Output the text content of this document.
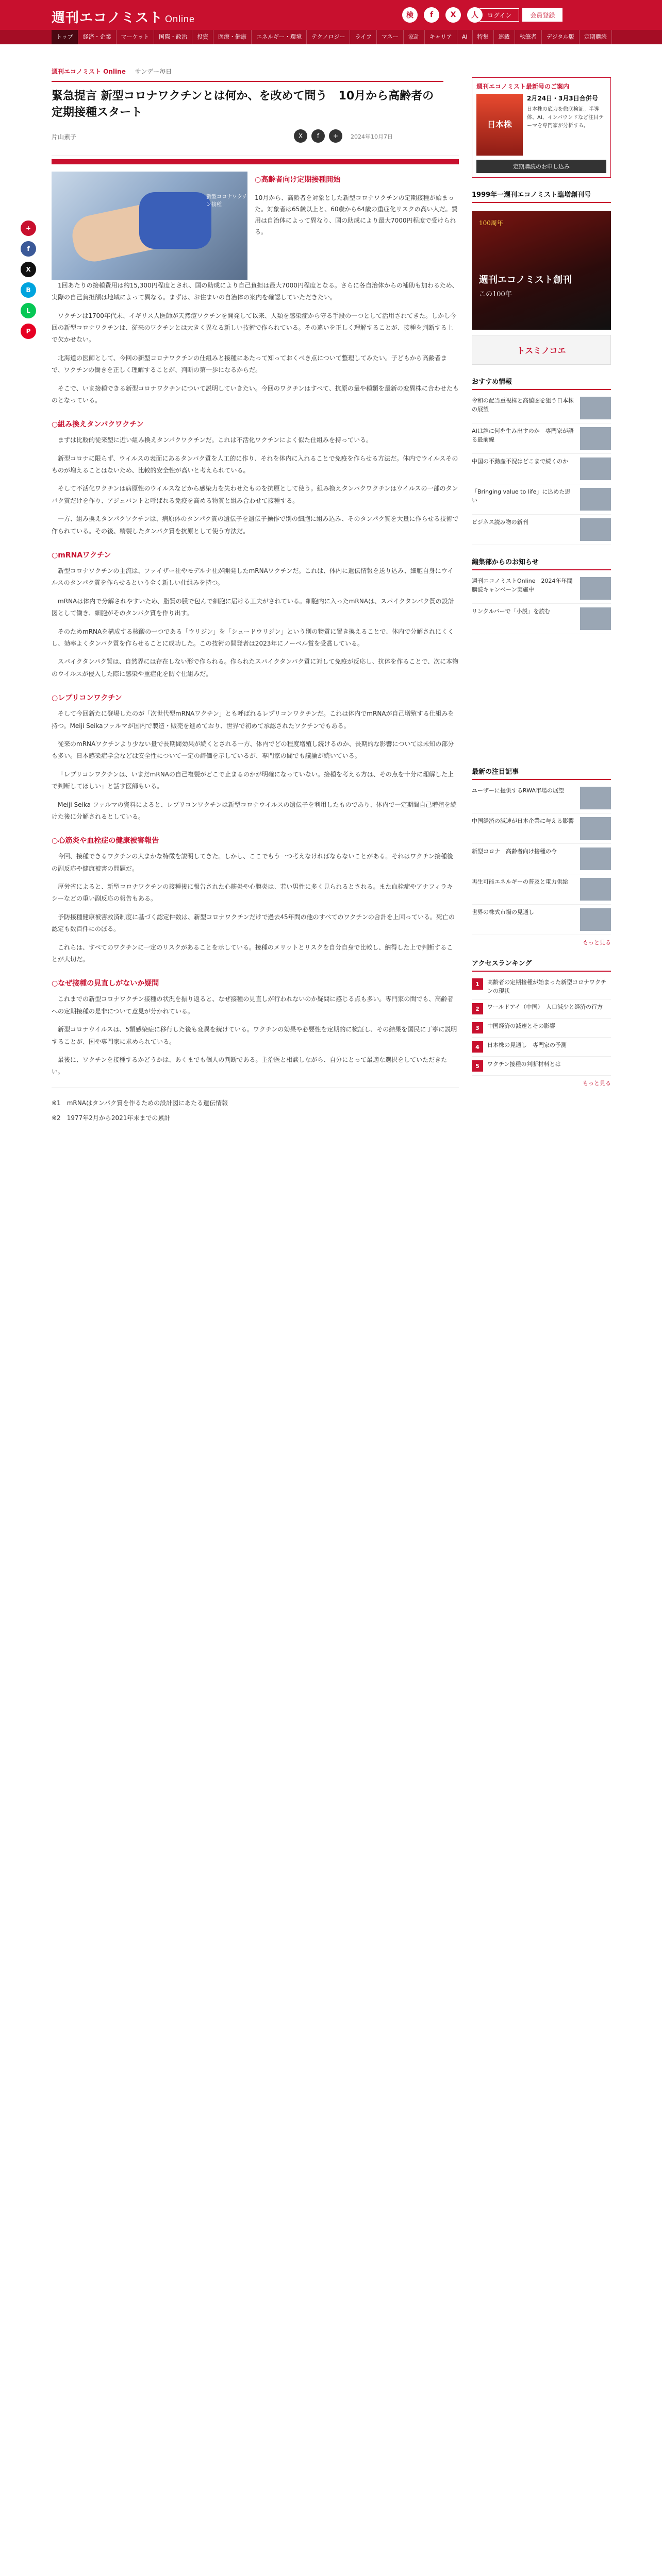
週刊エコノミスト Online	検	f	X	人	ログイン	会員登録
トップ	経済・企業	マーケット	国際・政治	投資	医療・健康	エネルギー・環境	テクノロジー	ライフ	マネー	家計	キャリア	AI	特集	連載	執筆者	デジタル版	定期購読
+
f
X
B
L
P
週刊エコノミスト Online サンデー毎日
緊急提言 新型コロナワクチンとは何か、を改めて問う　10月から高齢者の定期接種スタート
片山素子	X	f	+	2024年10月7日
新型コロナワクチン接種
○高齢者向け定期接種開始

10月から、高齢者を対象とした新型コロナワクチンの定期接種が始まった。対象者は65歳以上と、60歳から64歳の重症化リスクの高い人だ。費用は自治体によって異なり、国の助成により最大7000円程度で受けられる。

1回あたりの接種費用は約15,300円程度とされ、国の助成により自己負担は最大7000円程度となる。さらに各自治体からの補助も加わるため、実際の自己負担額は地域によって異なる。まずは、お住まいの自治体の案内を確認していただきたい。

ワクチンは1700年代末、イギリス人医師が天然痘ワクチンを開発して以来、人類を感染症から守る手段の一つとして活用されてきた。しかし今回の新型コロナワクチンは、従来のワクチンとは大きく異なる新しい技術で作られている。その違いを正しく理解することが、接種を判断する上で欠かせない。

北海道の医師として、今回の新型コロナワクチンの仕組みと接種にあたって知っておくべき点について整理してみたい。子どもから高齢者まで、ワクチンの働きを正しく理解することが、判断の第一歩になるからだ。

そこで、いま接種できる新型コロナワクチンについて説明していきたい。今回のワクチンはすべて、抗原の量や種類を最新の変異株に合わせたものとなっている。

○組み換えタンパクワクチン

まずは比較的従来型に近い組み換えタンパクワクチンだ。これは不活化ワクチンによく似た仕組みを持っている。

新型コロナに限らず、ウイルスの表面にあるタンパク質を人工的に作り、それを体内に入れることで免疫を作らせる方法だ。体内でウイルスそのものが増えることはないため、比較的安全性が高いと考えられている。

そして不活化ワクチンは病原性のウイルスなどから感染力を失わせたものを抗原として使う。組み換えタンパクワクチンはウイルスの一部のタンパク質だけを作り、アジュバントと呼ばれる免疫を高める物質と組み合わせて接種する。

一方、組み換えタンパクワクチンは、病原体のタンパク質の遺伝子を遺伝子操作で別の細胞に組み込み、そのタンパク質を大量に作らせる技術で作られている。その後、精製したタンパク質を抗原として使う方法だ。

○mRNAワクチン

新型コロナワクチンの主流は、ファイザー社やモデルナ社が開発したmRNAワクチンだ。これは、体内に遺伝情報を送り込み、細胞自身にウイルスのタンパク質を作らせるという全く新しい仕組みを持つ。

mRNAは体内で分解されやすいため、脂質の膜で包んで細胞に届ける工夫がされている。細胞内に入ったmRNAは、スパイクタンパク質の設計図として働き、細胞がそのタンパク質を作り出す。

そのためmRNAを構成する核酸の一つである「ウリジン」を「シュードウリジン」という別の物質に置き換えることで、体内で分解されにくくし、効率よくタンパク質を作らせることに成功した。この技術の開発者は2023年にノーベル賞を受賞している。

スパイクタンパク質は、自然界には存在しない形で作られる。作られたスパイクタンパク質に対して免疫が反応し、抗体を作ることで、次に本物のウイルスが侵入した際に感染や重症化を防ぐ仕組みだ。

○レプリコンワクチン

そして今回新たに登場したのが「次世代型mRNAワクチン」とも呼ばれるレプリコンワクチンだ。これは体内でmRNAが自己増殖する仕組みを持つ。Meiji Seikaファルマが国内で製造・販売を進めており、世界で初めて承認されたワクチンでもある。

従来のmRNAワクチンより少ない量で長期間効果が続くとされる一方、体内でどの程度増殖し続けるのか、長期的な影響については未知の部分も多い。日本感染症学会などは安全性について一定の評価を示しているが、専門家の間でも議論が続いている。

「レプリコンワクチンは、いまだmRNAの自己複製がどこで止まるのかが明確になっていない。接種を考える方は、その点を十分に理解した上で判断してほしい」と話す医師もいる。

Meiji Seika ファルマの資料によると、レプリコンワクチンは新型コロナウイルスの遺伝子を利用したものであり、体内で一定期間自己増殖を続けた後に分解されるとしている。

○心筋炎や血栓症の健康被害報告

今回、接種できるワクチンの大まかな特徴を説明してきた。しかし、ここでもう一つ考えなければならないことがある。それはワクチン接種後の副反応や健康被害の問題だ。

厚労省によると、新型コロナワクチンの接種後に報告された心筋炎や心膜炎は、若い男性に多く見られるとされる。また血栓症やアナフィラキシーなどの重い副反応の報告もある。

予防接種健康被害救済制度に基づく認定件数は、新型コロナワクチンだけで過去45年間の他のすべてのワクチンの合計を上回っている。死亡の認定も数百件にのぼる。

これらは、すべてのワクチンに一定のリスクがあることを示している。接種のメリットとリスクを自分自身で比較し、納得した上で判断することが大切だ。

○なぜ接種の見直しがないか疑問

これまでの新型コロナワクチン接種の状況を振り返ると、なぜ接種の見直しが行われないのか疑問に感じる点も多い。専門家の間でも、高齢者への定期接種の是非について意見が分かれている。

新型コロナウイルスは、5類感染症に移行した後も変異を続けている。ワクチンの効果や必要性を定期的に検証し、その結果を国民に丁寧に説明することが、国や専門家に求められている。

最後に、ワクチンを接種するかどうかは、あくまでも個人の判断である。主治医と相談しながら、自分にとって最適な選択をしていただきたい。

※1　mRNAはタンパク質を作るための設計図にあたる遺伝情報

※2　1977年2月から2021年末までの累計

週刊エコノミスト最新号のご案内
日本株
2月24日・3月3日合併号
日本株の底力を徹底検証。半導体、AI、インバウンドなど注目テーマを専門家が分析する。
定期購読のお申し込み
1999年一週刊エコノミスト臨増創刊号
100周年
週刊エコノミスト創刊
この100年
トスミノコエ
おすすめ情報
令和の配当重視株と高値圏を狙う日本株の展望
AIは誰に何を生み出すのか　専門家が語る最前線
中国の不動産不況はどこまで続くのか
「Bringing value to life」に込めた思い
ビジネス読み物の新刊
編集部からのお知らせ
週刊エコノミストOnline　2024年年間購読キャンペーン実施中
リンクルバーで「小説」を読む
最新の注目記事
ユーザーに提供するRWA市場の展望
中国経済の減速が日本企業に与える影響
新型コロナ　高齢者向け接種の今
再生可能エネルギーの普及と電力供給
世界の株式市場の見通し
もっと見る
アクセスランキング
1	高齢者の定期接種が始まった新型コロナワクチンの現状
2	ワールドアイ（中国）　人口減少と経済の行方
3	中国経済の減速とその影響
4	日本株の見通し　専門家の予測
5	ワクチン接種の判断材料とは
もっと見る
